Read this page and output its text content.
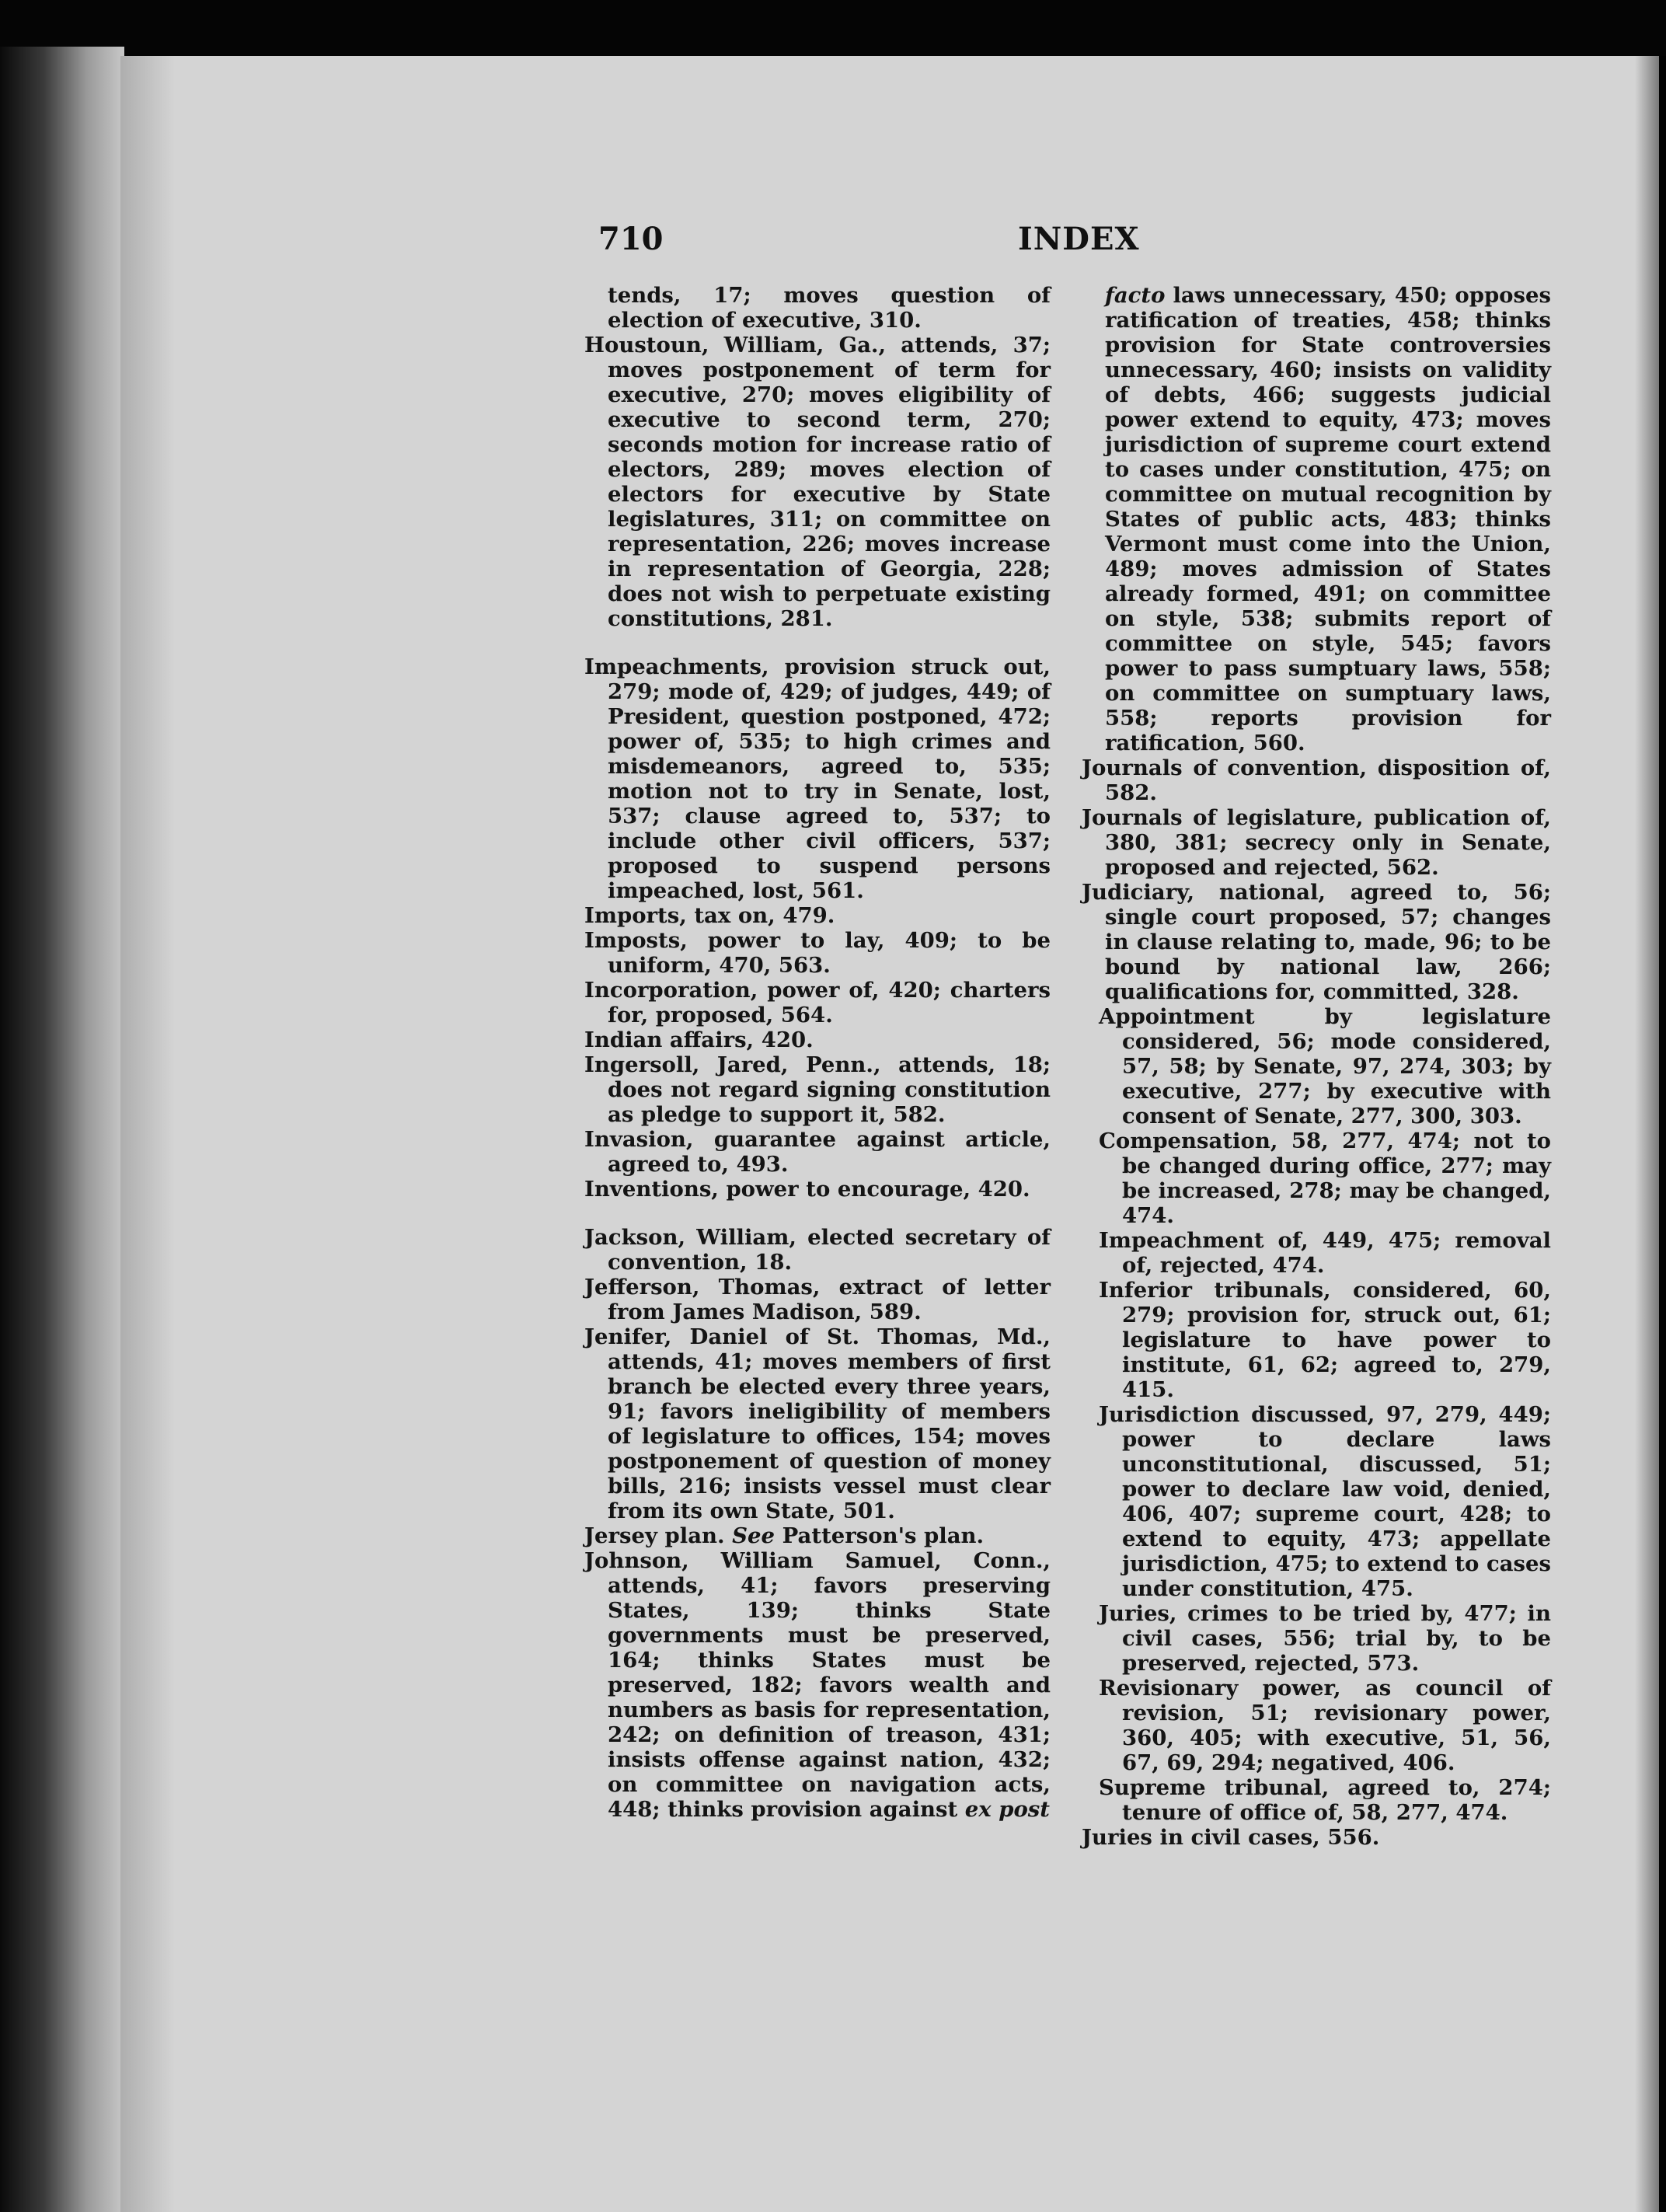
710	INDEX

tends, 17; moves question of election of executive, 310.

Houstoun, William, Ga., attends, 37; moves postponement of term for executive, 270; moves eligibility of executive to second term, 270; seconds motion for increase ratio of electors, 289; moves election of electors for executive by State legislatures, 311; on committee on representation, 226; moves increase in representation of Georgia, 228; does not wish to perpetuate existing constitutions, 281.

Impeachments, provision struck out, 279; mode of, 429; of judges, 449; of President, question postponed, 472; power of, 535; to high crimes and misdemeanors, agreed to, 535; motion not to try in Senate, lost, 537; clause agreed to, 537; to include other civil officers, 537; proposed to suspend persons impeached, lost, 561.

Imports, tax on, 479.

Imposts, power to lay, 409; to be uniform, 470, 563.

Incorporation, power of, 420; charters for, proposed, 564.

Indian affairs, 420.

Ingersoll, Jared, Penn., attends, 18; does not regard signing constitution as pledge to support it, 582.

Invasion, guarantee against article, agreed to, 493.

Inventions, power to encourage, 420.

Jackson, William, elected secretary of convention, 18.

Jefferson, Thomas, extract of letter from James Madison, 589.

Jenifer, Daniel of St. Thomas, Md., attends, 41; moves members of first branch be elected every three years, 91; favors ineligibility of members of legislature to offices, 154; moves postponement of question of money bills, 216; insists vessel must clear from its own State, 501.

Jersey plan. See Patterson's plan.

Johnson, William Samuel, Conn., attends, 41; favors preserving States, 139; thinks State governments must be preserved, 164; thinks States must be preserved, 182; favors wealth and numbers as basis for representation, 242; on definition of treason, 431; insists offense against nation, 432; on committee on navigation acts, 448; thinks provision against ex post

facto laws unnecessary, 450; opposes ratification of treaties, 458; thinks provision for State controversies unnecessary, 460; insists on validity of debts, 466; suggests judicial power extend to equity, 473; moves jurisdiction of supreme court extend to cases under constitution, 475; on committee on mutual recognition by States of public acts, 483; thinks Vermont must come into the Union, 489; moves admission of States already formed, 491; on committee on style, 538; submits report of committee on style, 545; favors power to pass sumptuary laws, 558; on committee on sumptuary laws, 558; reports provision for ratification, 560.

Journals of convention, disposition of, 582.

Journals of legislature, publication of, 380, 381; secrecy only in Senate, proposed and rejected, 562.

Judiciary, national, agreed to, 56; single court proposed, 57; changes in clause relating to, made, 96; to be bound by national law, 266; qualifications for, committed, 328.

Appointment by legislature considered, 56; mode considered, 57, 58; by Senate, 97, 274, 303; by executive, 277; by executive with consent of Senate, 277, 300, 303.

Compensation, 58, 277, 474; not to be changed during office, 277; may be increased, 278; may be changed, 474.

Impeachment of, 449, 475; removal of, rejected, 474.

Inferior tribunals, considered, 60, 279; provision for, struck out, 61; legislature to have power to institute, 61, 62; agreed to, 279, 415.

Jurisdiction discussed, 97, 279, 449; power to declare laws unconstitutional, discussed, 51; power to declare law void, denied, 406, 407; supreme court, 428; to extend to equity, 473; appellate jurisdiction, 475; to extend to cases under constitution, 475.

Juries, crimes to be tried by, 477; in civil cases, 556; trial by, to be preserved, rejected, 573.

Revisionary power, as council of revision, 51; revisionary power, 360, 405; with executive, 51, 56, 67, 69, 294; negatived, 406.

Supreme tribunal, agreed to, 274; tenure of office of, 58, 277, 474.

Juries in civil cases, 556.
